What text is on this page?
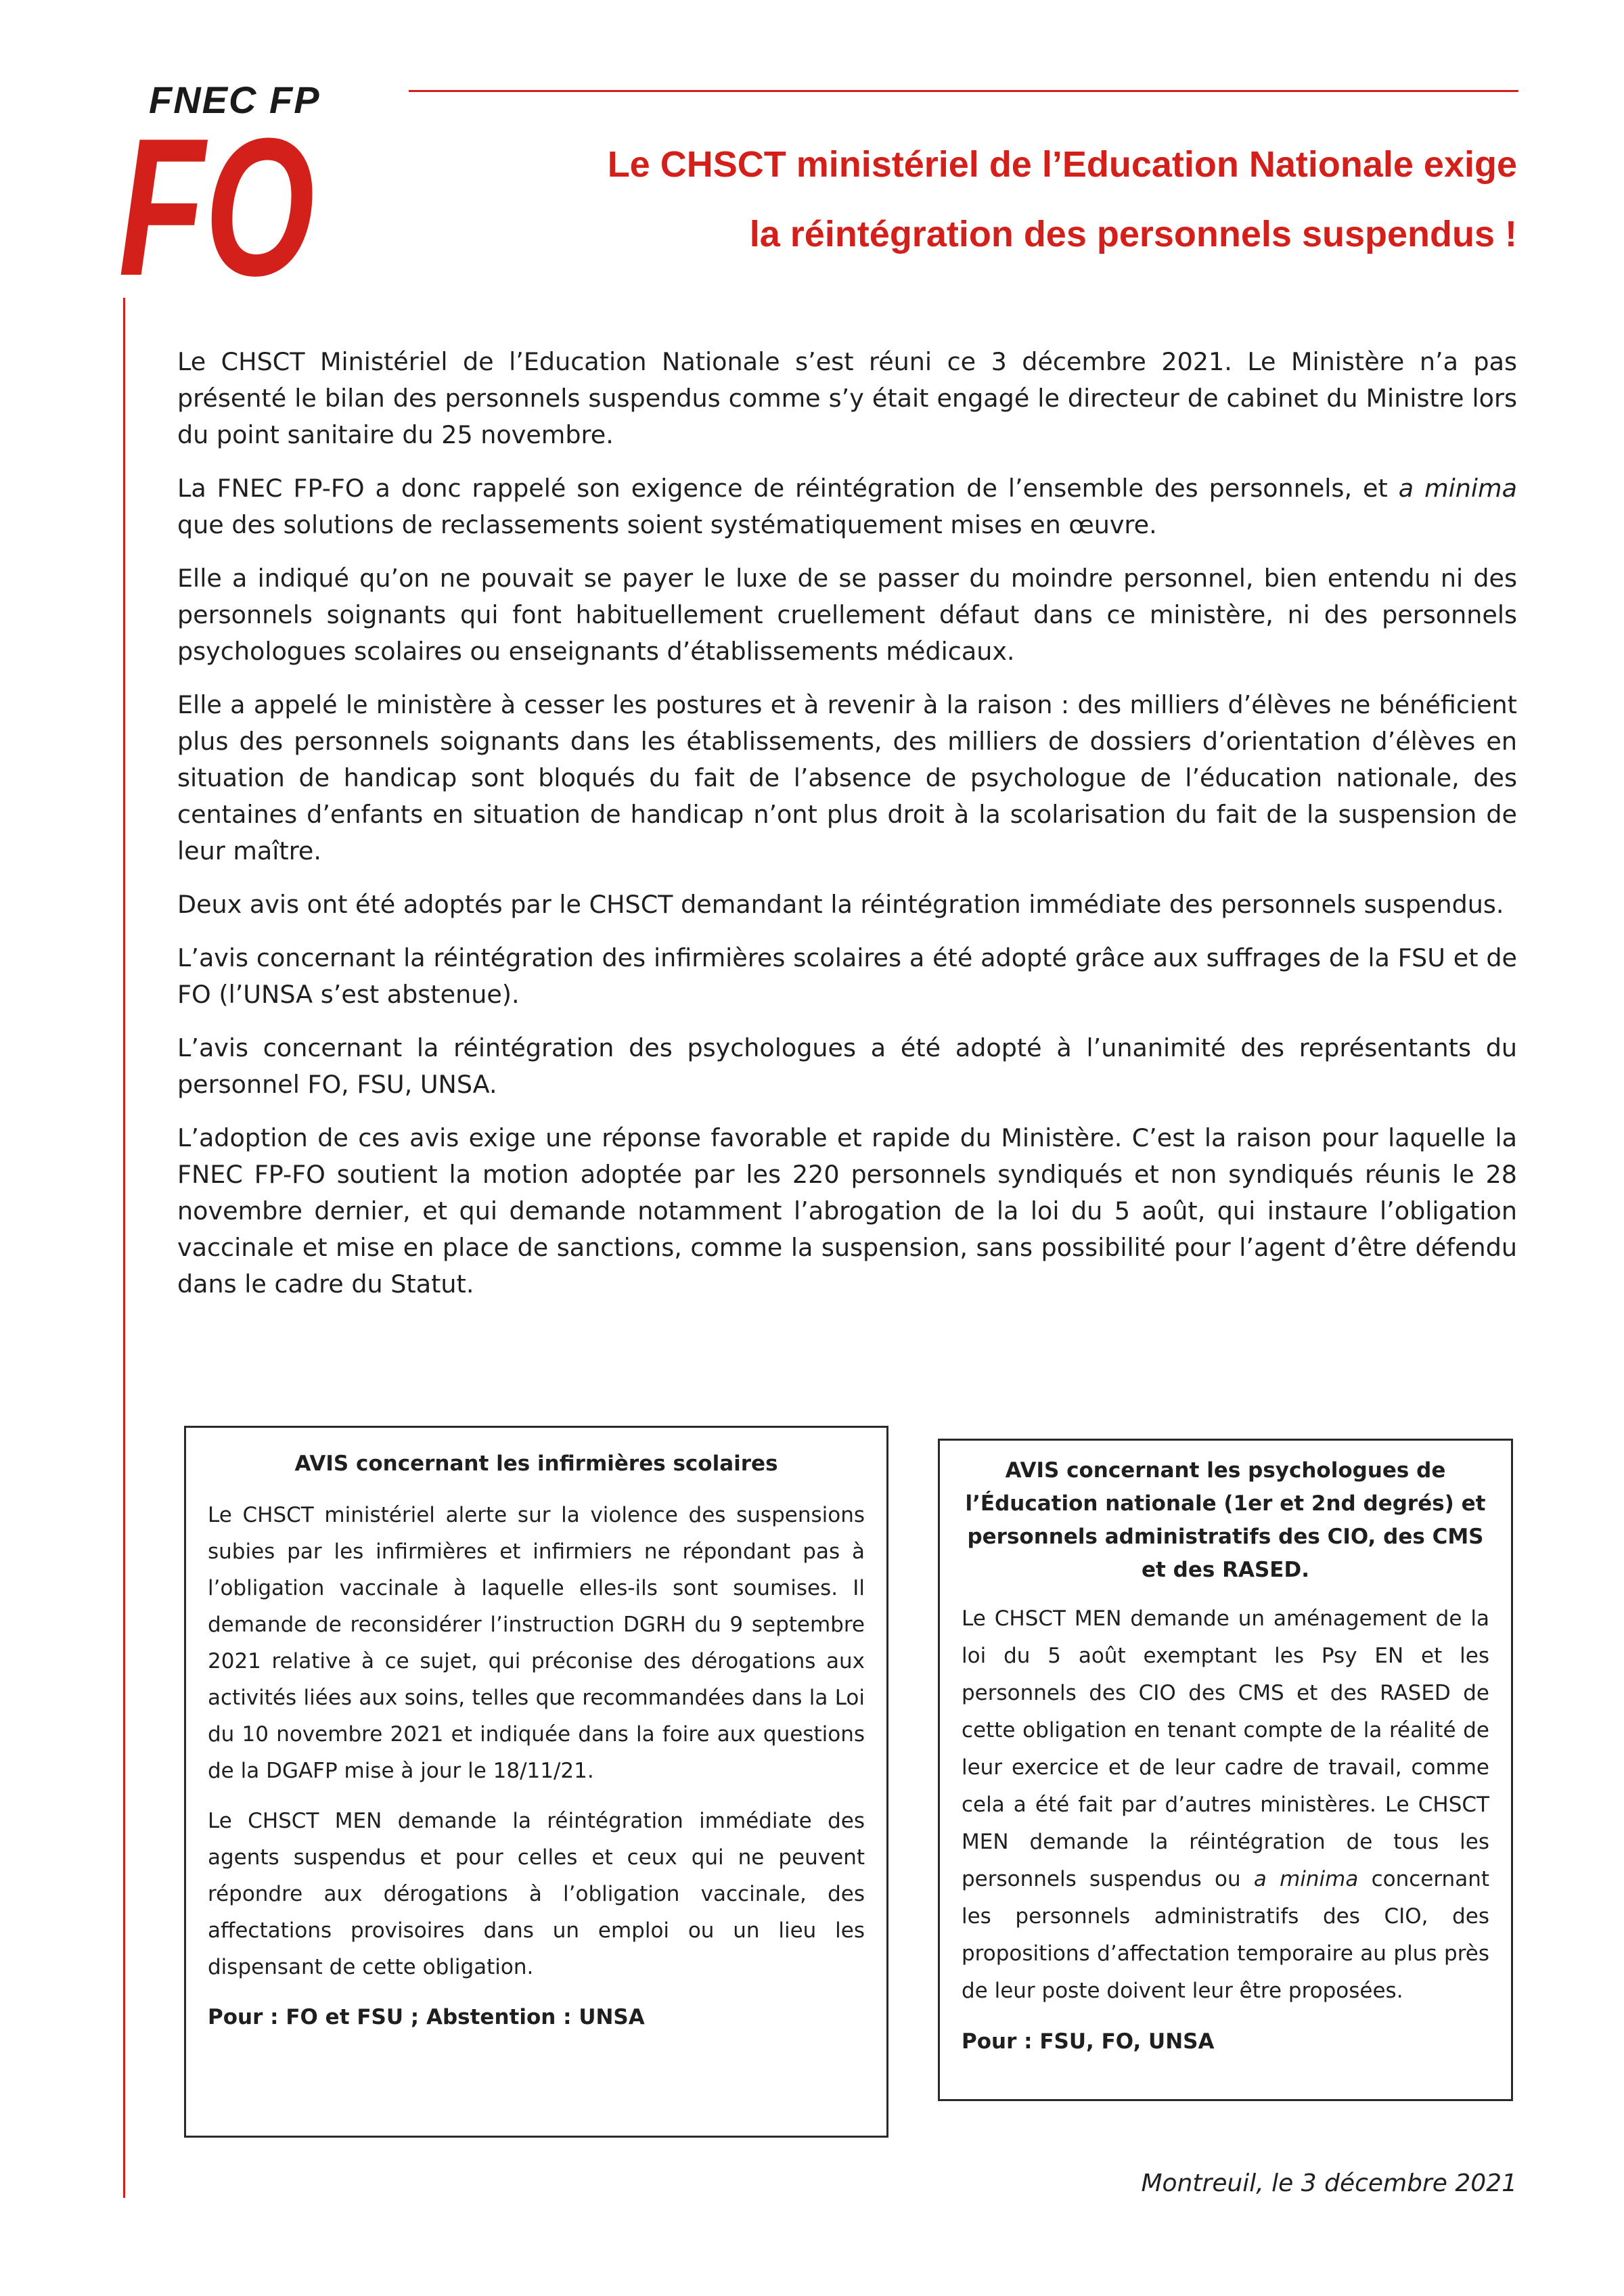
FNEC FP
FO	Le CHSCT ministériel de l’Education Nationale exige
la réintégration des personnels suspendus !

Le CHSCT Ministériel de l’Education Nationale s’est réuni ce 3 décembre 2021. Le Ministère n’a pas présenté le bilan des personnels suspendus comme s’y était engagé le directeur de cabinet du Ministre lors du point sanitaire du 25 novembre.

La FNEC FP-FO a donc rappelé son exigence de réintégration de l’ensemble des personnels, et a minima que des solutions de reclassements soient systématiquement mises en œuvre.

Elle a indiqué qu’on ne pouvait se payer le luxe de se passer du moindre personnel, bien entendu ni des personnels soignants qui font habituellement cruellement défaut dans ce ministère, ni des personnels psychologues scolaires ou enseignants d’établissements médicaux.

Elle a appelé le ministère à cesser les postures et à revenir à la raison : des milliers d’élèves ne bénéficient plus des personnels soignants dans les établissements, des milliers de dossiers d’orientation d’élèves en situation de handicap sont bloqués du fait de l’absence de psychologue de l’éducation nationale, des centaines d’enfants en situation de handicap n’ont plus droit à la scolarisation du fait de la suspension de leur maître.

Deux avis ont été adoptés par le CHSCT demandant la réintégration immédiate des personnels suspendus.

L’avis concernant la réintégration des infirmières scolaires a été adopté grâce aux suffrages de la FSU et de FO (l’UNSA s’est abstenue).

L’avis concernant la réintégration des psychologues a été adopté à l’unanimité des représentants du personnel FO, FSU, UNSA.

L’adoption de ces avis exige une réponse favorable et rapide du Ministère. C’est la raison pour laquelle la FNEC FP-FO soutient la motion adoptée par les 220 personnels syndiqués et non syndiqués réunis le 28 novembre dernier, et qui demande notamment l’abrogation de la loi du 5 août, qui instaure l’obligation vaccinale et mise en place de sanctions, comme la suspension, sans possibilité pour l’agent d’être défendu dans le cadre du Statut.

AVIS concernant les infirmières scolaires

Le CHSCT ministériel alerte sur la violence des suspensions subies par les infirmières et infirmiers ne répondant pas à l’obligation vaccinale à laquelle elles-ils sont soumises. Il demande de reconsidérer l’instruction DGRH du 9 septembre 2021 relative à ce sujet, qui préconise des dérogations aux activités liées aux soins, telles que recommandées dans la Loi du 10 novembre 2021 et indiquée dans la foire aux questions de la DGAFP mise à jour le 18/11/21.

Le CHSCT MEN demande la réintégration immédiate des agents suspendus et pour celles et ceux qui ne peuvent répondre aux dérogations à l’obligation vaccinale, des affectations provisoires dans un emploi ou un lieu les dispensant de cette obligation.

Pour : FO et FSU ; Abstention : UNSA

AVIS concernant les psychologues de l’Éducation nationale (1er et 2nd degrés) et personnels administratifs des CIO, des CMS et des RASED.

Le CHSCT MEN demande un aménagement de la loi du 5 août exemptant les Psy EN et les personnels des CIO des CMS et des RASED de cette obligation en tenant compte de la réalité de leur exercice et de leur cadre de travail, comme cela a été fait par d’autres ministères. Le CHSCT MEN demande la réintégration de tous les personnels suspendus ou a minima concernant les personnels administratifs des CIO, des propositions d’affectation temporaire au plus près de leur poste doivent leur être proposées.

Pour : FSU, FO, UNSA

Montreuil, le 3 décembre 2021
